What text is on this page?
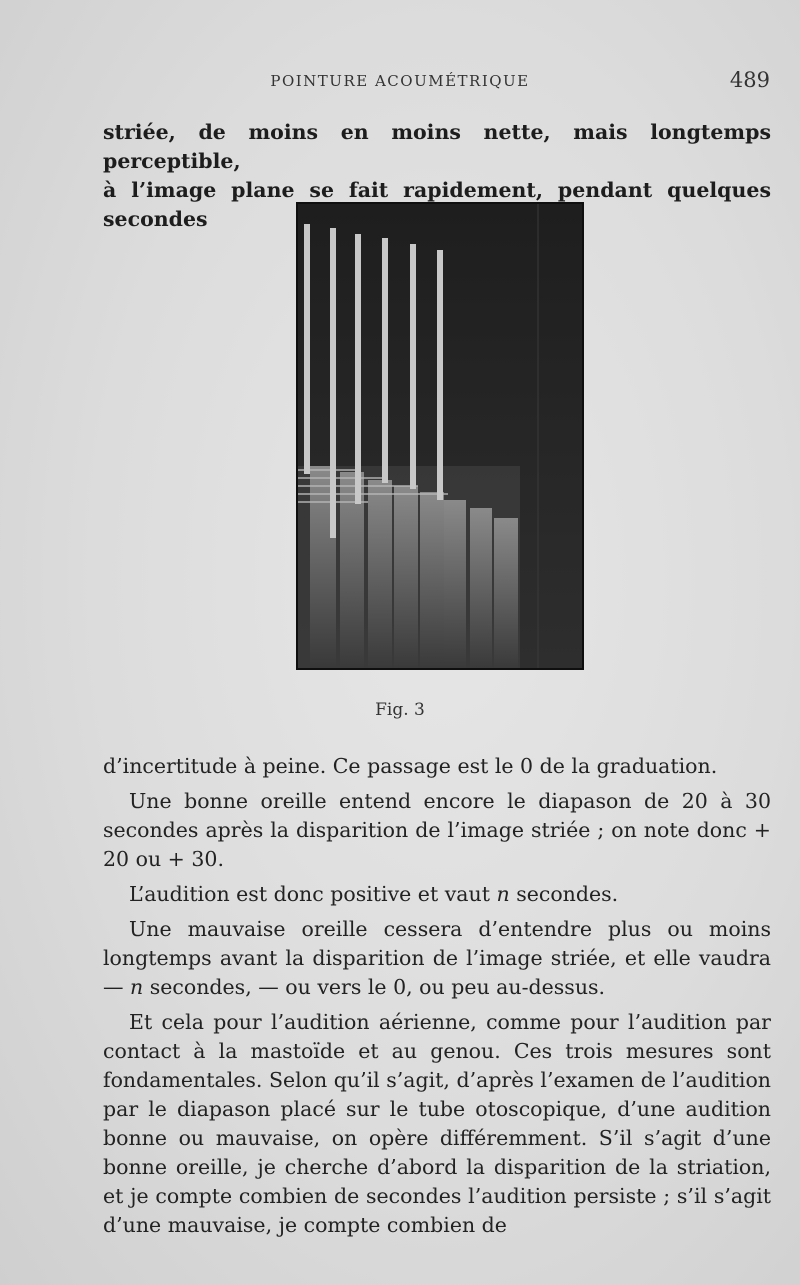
POINTURE ACOUMÉTRIQUE	489

striée, de moins en moins nette, mais longtemps perceptible,

à l’image plane se fait rapidement, pendant quelques secondes

Fig. 3

d’incertitude à peine. Ce passage est le 0 de la graduation.

Une bonne oreille entend encore le diapason de 20 à 30 secondes après la disparition de l’image striée ; on note donc + 20 ou + 30.

L’audition est donc positive et vaut n secondes.

Une mauvaise oreille cessera d’entendre plus ou moins longtemps avant la disparition de l’image striée, et elle vaudra — n secondes, — ou vers le 0, ou peu au-dessus.

Et cela pour l’audition aérienne, comme pour l’audition par contact à la mastoïde et au genou. Ces trois mesures sont fondamentales. Selon qu’il s’agit, d’après l’examen de l’audition par le diapason placé sur le tube otoscopique, d’une audition bonne ou mauvaise, on opère différemment. S’il s’agit d’une bonne oreille, je cherche d’abord la disparition de la striation, et je compte combien de secondes l’audition persiste ; s’il s’agit d’une mauvaise, je compte combien de
